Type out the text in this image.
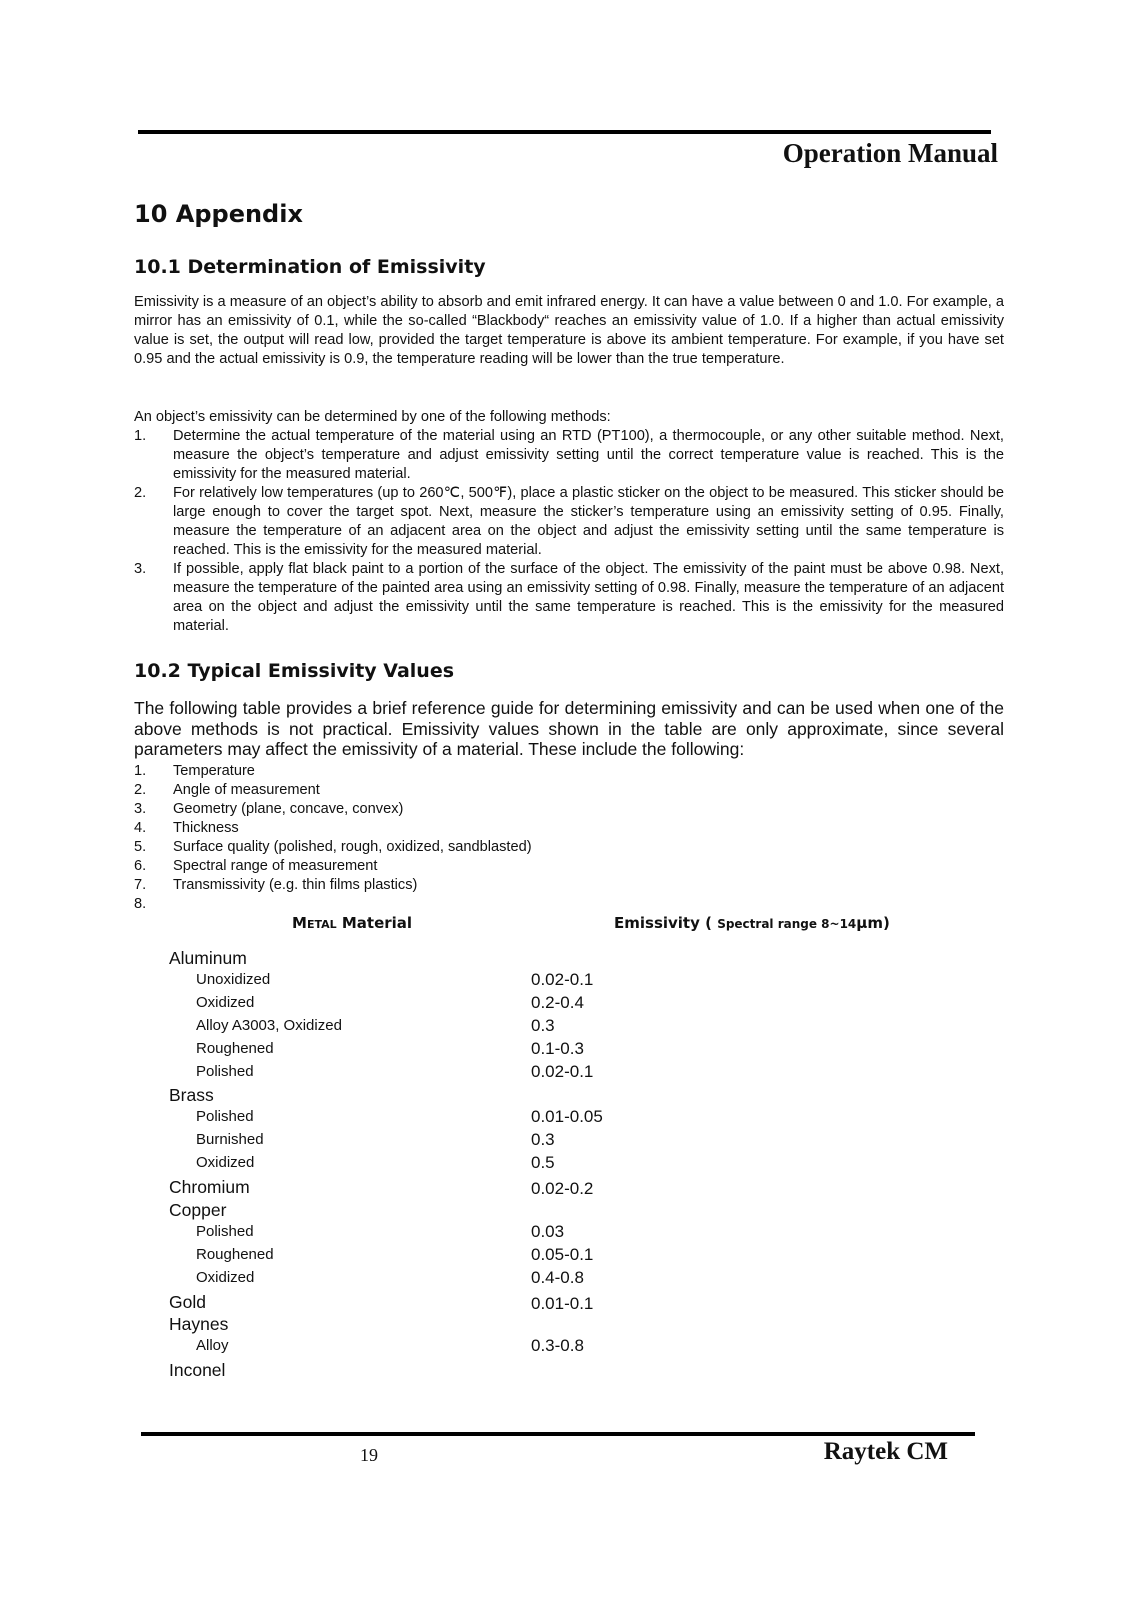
Operation Manual
10 Appendix
10.1 Determination of Emissivity

Emissivity is a measure of an object’s ability to absorb and emit infrared energy. It can have a value between 0 and 1.0. For example, a mirror has an emissivity of 0.1, while the so-called “Blackbody“ reaches an emissivity value of 1.0. If a higher than actual emissivity value is set, the output will read low, provided the target temperature is above its ambient temperature. For example, if you have set 0.95 and the actual emissivity is 0.9, the temperature reading will be lower than the true temperature.

An object’s emissivity can be determined by one of the following methods:

1. Determine the actual temperature of the material using an RTD (PT100), a thermocouple, or any other suitable method. Next, measure the object’s temperature and adjust emissivity setting until the correct temperature value is reached. This is the emissivity for the measured material.
2. For relatively low temperatures (up to 260℃, 500℉), place a plastic sticker on the object to be measured. This sticker should be large enough to cover the target spot. Next, measure the sticker’s temperature using an emissivity setting of 0.95. Finally, measure the temperature of an adjacent area on the object and adjust the emissivity setting until the same temperature is reached. This is the emissivity for the measured material.
3. If possible, apply flat black paint to a portion of the surface of the object. The emissivity of the paint must be above 0.98. Next, measure the temperature of the painted area using an emissivity setting of 0.98. Finally, measure the temperature of an adjacent area on the object and adjust the emissivity until the same temperature is reached. This is the emissivity for the measured material.
10.2 Typical Emissivity Values

The following table provides a brief reference guide for determining emissivity and can be used when one of the above methods is not practical. Emissivity values shown in the table are only approximate, since several parameters may affect the emissivity of a material. These include the following:

1. Temperature
2. Angle of measurement
3. Geometry (plane, concave, convex)
4. Thickness
5. Surface quality (polished, rough, oxidized, sandblasted)
6. Spectral range of measurement
7. Transmissivity (e.g. thin films plastics)
8.
METAL Material	Emissivity ( Spectral range 8~14µm)
Aluminum
Unoxidized	0.02-0.1
Oxidized	0.2-0.4
Alloy A3003, Oxidized	0.3
Roughened	0.1-0.3
Polished	0.02-0.1
Brass
Polished	0.01-0.05
Burnished	0.3
Oxidized	0.5
Chromium	0.02-0.2
Copper
Polished	0.03
Roughened	0.05-0.1
Oxidized	0.4-0.8
Gold	0.01-0.1
Haynes
Alloy	0.3-0.8
Inconel
19	Raytek CM
